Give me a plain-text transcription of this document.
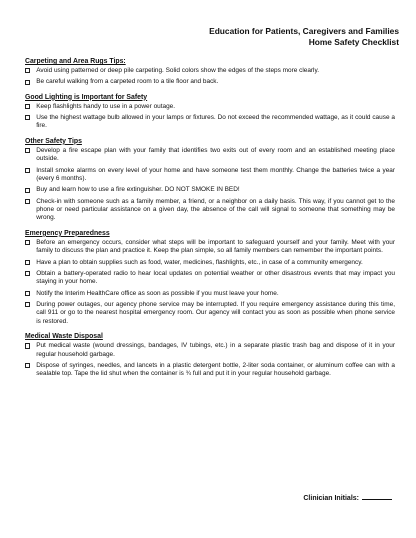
Education for Patients, Caregivers and Families
Home Safety Checklist
Carpeting and Area Rugs Tips:
Avoid using patterned or deep pile carpeting. Solid colors show the edges of the steps more clearly.
Be careful walking from a carpeted room to a tile floor and back.
Good Lighting is Important for Safety
Keep flashlights handy to use in a power outage.
Use the highest wattage bulb allowed in your lamps or fixtures. Do not exceed the recommended wattage, as it could cause a fire.
Other Safety Tips
Develop a fire escape plan with your family that identifies two exits out of every room and an established meeting place outside.
Install smoke alarms on every level of your home and have someone test them monthly. Change the batteries twice a year (every 6 months).
Buy and learn how to use a fire extinguisher. DO NOT SMOKE IN BED!
Check-in with someone such as a family member, a friend, or a neighbor on a daily basis. This way, if you cannot get to the phone or need particular assistance on a given day, the absence of the call will signal to someone that something may be wrong.
Emergency Preparedness
Before an emergency occurs, consider what steps will be important to safeguard yourself and your family. Meet with your family to discuss the plan and practice it. Keep the plan simple, so all family members can remember the important points.
Have a plan to obtain supplies such as food, water, medicines, flashlights, etc., in case of a community emergency.
Obtain a battery-operated radio to hear local updates on potential weather or other disastrous events that may impact you staying in your home.
Notify the Interim HealthCare office as soon as possible if you must leave your home.
During power outages, our agency phone service may be interrupted. If you require emergency assistance during this time, call 911 or go to the nearest hospital emergency room. Our agency will contact you as soon as possible when phone service is restored.
Medical Waste Disposal
Put medical waste (wound dressings, bandages, IV tubings, etc.) in a separate plastic trash bag and dispose of it in your regular household garbage.
Dispose of syringes, needles, and lancets in a plastic detergent bottle, 2-liter soda container, or aluminum coffee can with a sealable top. Tape the lid shut when the container is ¾ full and put it in your regular household garbage.
Clinician Initials:
